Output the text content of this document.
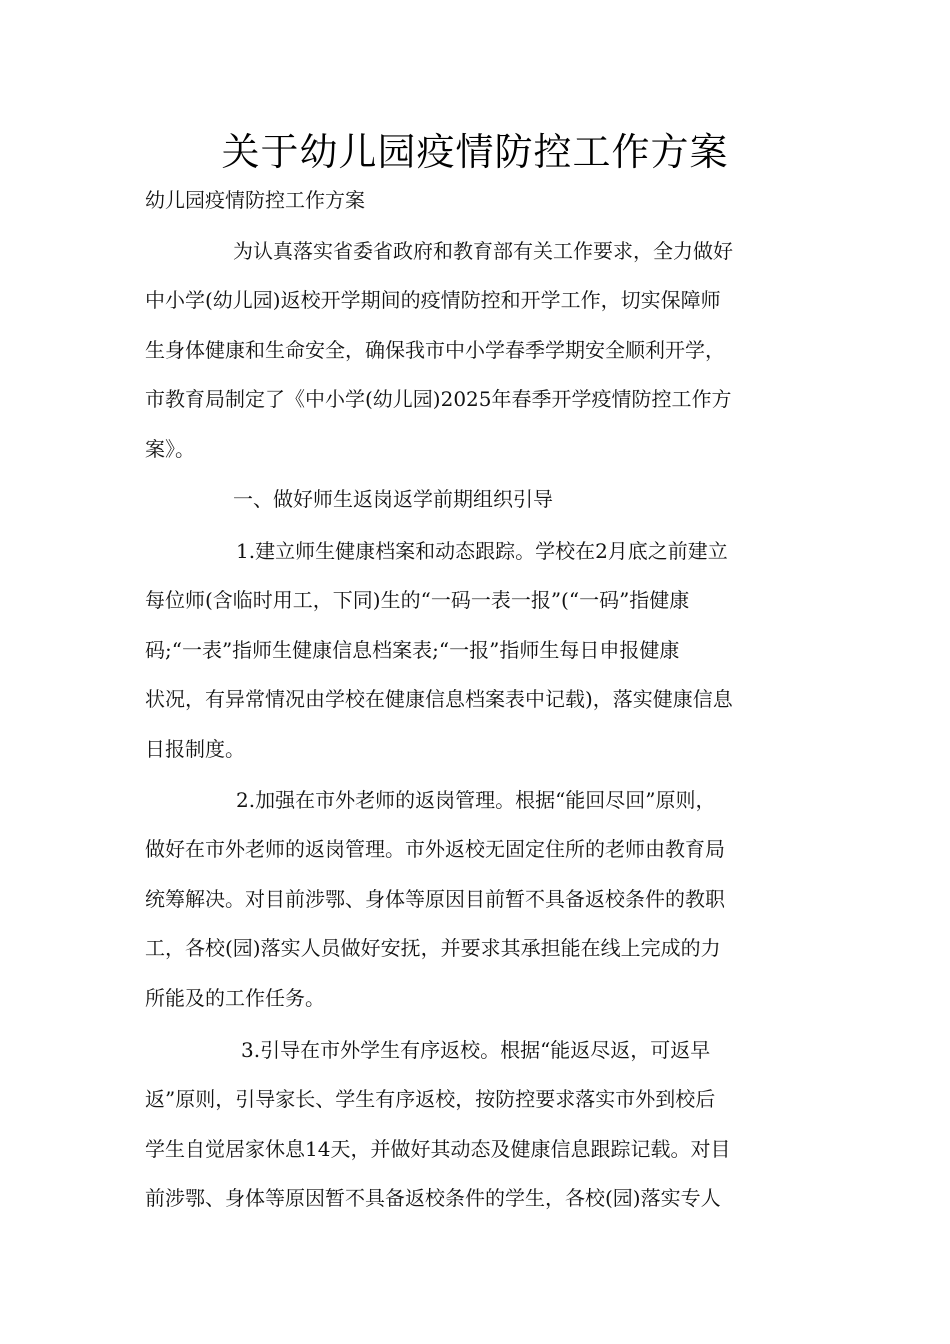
关于幼儿园疫情防控工作方案
幼儿园疫情防控工作方案

为认真落实省委省政府和教育部有关工作要求，全力做好
中小学(幼儿园)返校开学期间的疫情防控和开学工作，切实保障师
生身体健康和生命安全，确保我市中小学春季学期安全顺利开学，
市教育局制定了《中小学(幼儿园)2025年春季开学疫情防控工作方
案》。

一、做好师生返岗返学前期组织引导

1.建立师生健康档案和动态跟踪。学校在2月底之前建立
每位师(含临时用工，下同)生的“一码一表一报”(“一码”指健康
码;“一表”指师生健康信息档案表;“一报”指师生每日申报健康
状况，有异常情况由学校在健康信息档案表中记载)，落实健康信息
日报制度。

2.加强在市外老师的返岗管理。根据“能回尽回”原则，
做好在市外老师的返岗管理。市外返校无固定住所的老师由教育局
统筹解决。对目前涉鄂、身体等原因目前暂不具备返校条件的教职
工，各校(园)落实人员做好安抚，并要求其承担能在线上完成的力
所能及的工作任务。

3.引导在市外学生有序返校。根据“能返尽返，可返早
返”原则，引导家长、学生有序返校，按防控要求落实市外到校后
学生自觉居家休息14天，并做好其动态及健康信息跟踪记载。对目
前涉鄂、身体等原因暂不具备返校条件的学生，各校(园)落实专人
